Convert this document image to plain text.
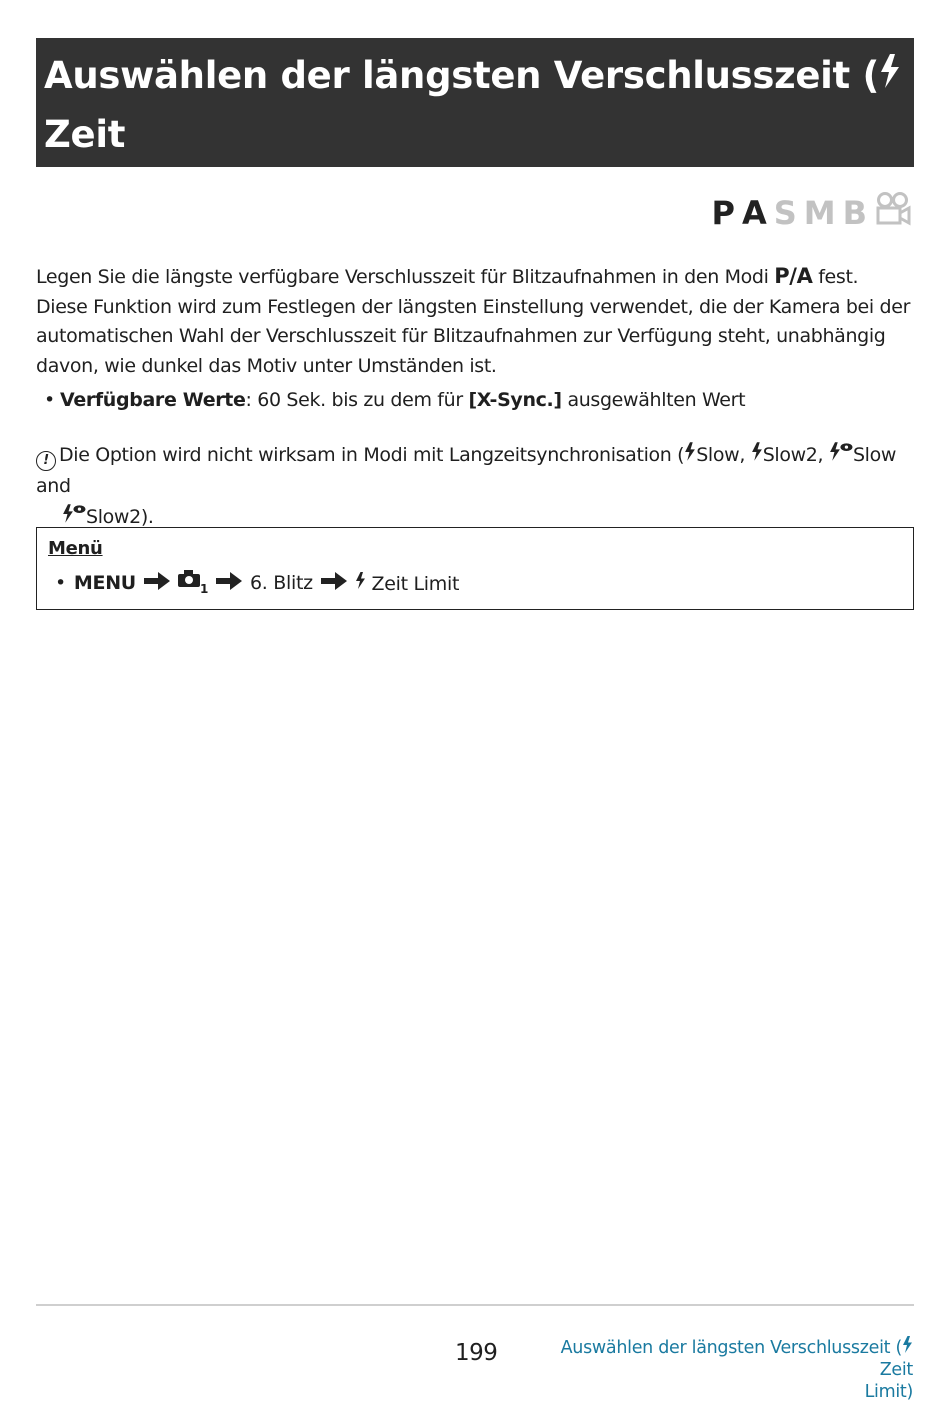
Auswählen der längsten Verschlusszeit ( Zeit
Limit)	P A S M B

Legen Sie die längste verfügbare Verschlusszeit für Blitzaufnahmen in den Modi P/A fest.

Diese Funktion wird zum Festlegen der längsten Einstellung verwendet, die der Kamera bei der automatischen Wahl der Verschlusszeit für Blitzaufnahmen zur Verfügung steht, unabhängig davon, wie dunkel das Motiv unter Umständen ist.

• Verfügbare Werte: 60 Sek. bis zu dem für [X-Sync.] ausgewählten Wert
! Die Option wird nicht wirksam in Modi mit Langzeitsynchronisation ( Slow, Slow2, Slow and
Slow2).
Menü
• MENU	$_1$ 6. Blitz	Zeit Limit
199	Auswählen der längsten Verschlusszeit ( Zeit
Limit)
